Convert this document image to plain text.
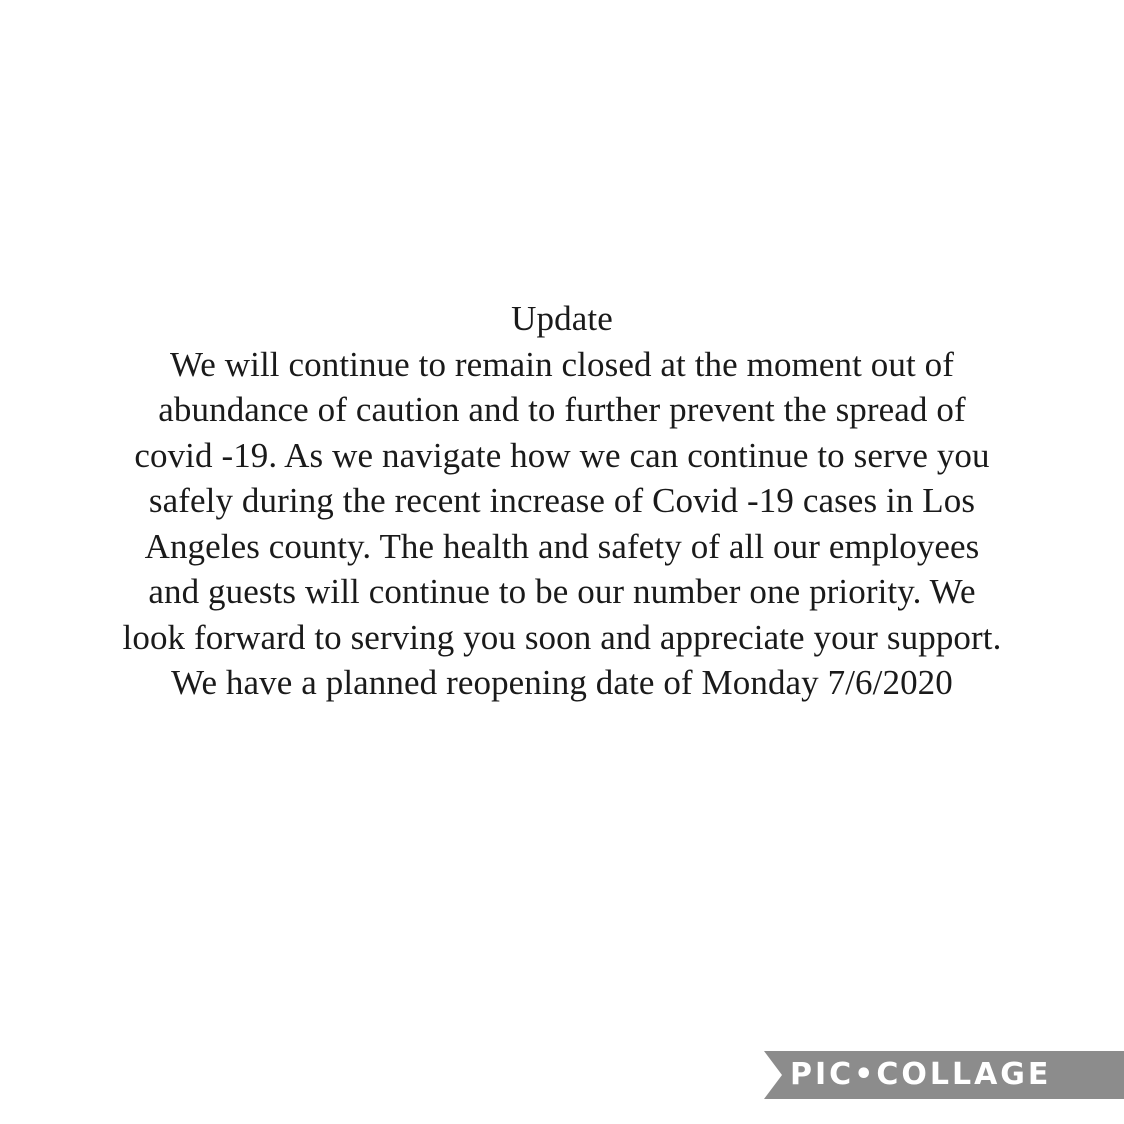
Update
We will continue to remain closed at the moment out of
abundance of caution and to further prevent the spread of
covid -19. As we navigate how we can continue to serve you
safely during the recent increase of Covid -19 cases in Los
Angeles county. The health and safety of all our employees
and guests will continue to be our number one priority. We
look forward to serving you soon and appreciate your support.
We have a planned reopening date of Monday 7/6/2020
PIC•COLLAGE
